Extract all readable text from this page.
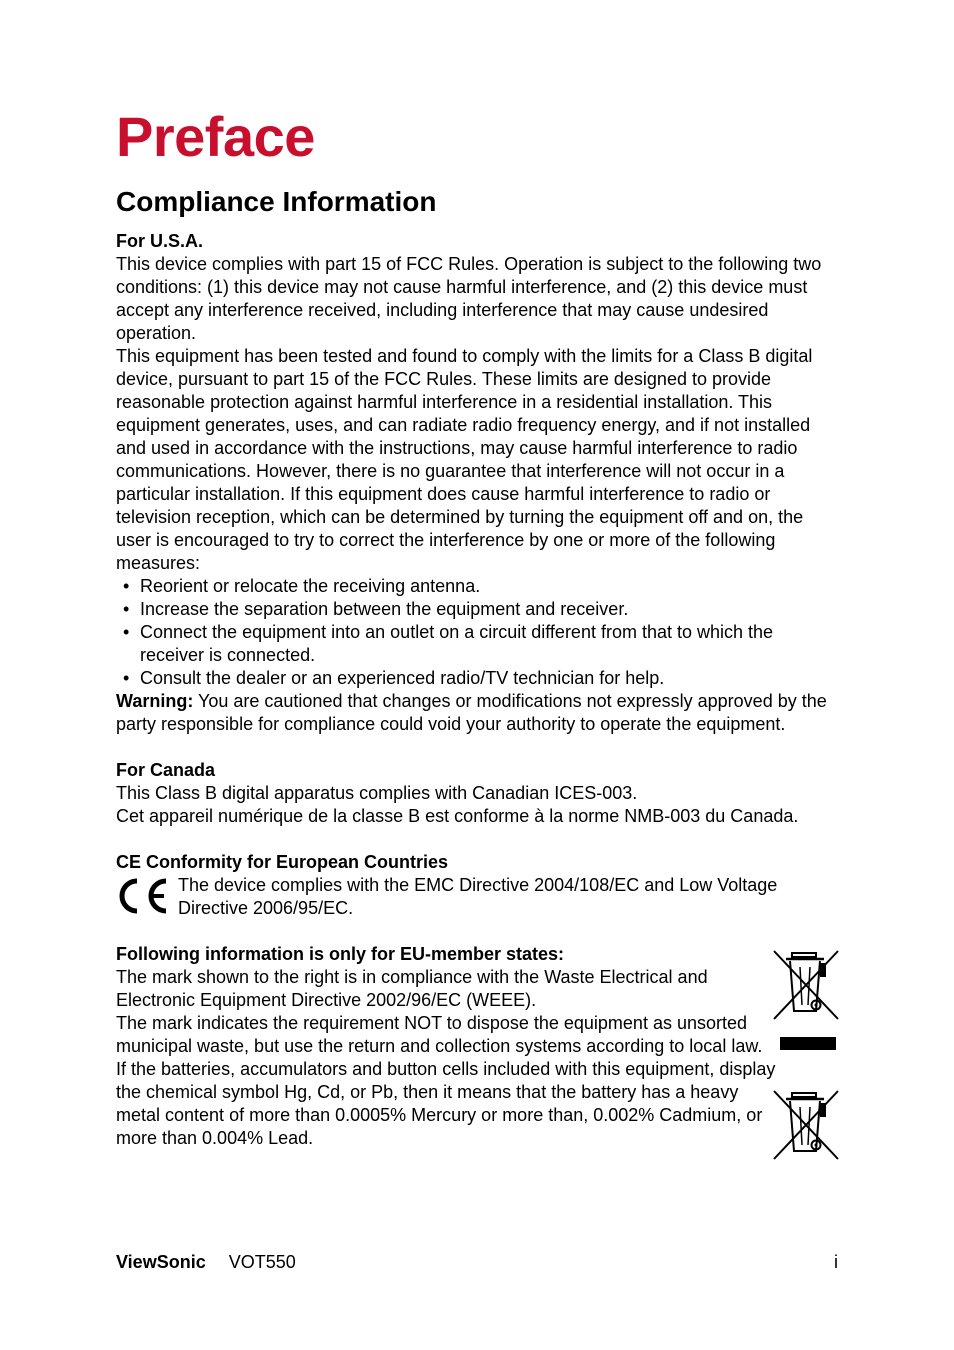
Preface
Compliance Information

For U.S.A.

This device complies with part 15 of FCC Rules. Operation is subject to the following two conditions: (1) this device may not cause harmful interference, and (2) this device must accept any interference received, including interference that may cause undesired operation.

This equipment has been tested and found to comply with the limits for a Class B digital device, pursuant to part 15 of the FCC Rules. These limits are designed to provide reasonable protection against harmful interference in a residential installation. This equipment generates, uses, and can radiate radio frequency energy, and if not installed and used in accordance with the instructions, may cause harmful interference to radio communications. However, there is no guarantee that interference will not occur in a particular installation. If this equipment does cause harmful interference to radio or television reception, which can be determined by turning the equipment off and on, the user is encouraged to try to correct the interference by one or more of the following measures:

• Reorient or relocate the receiving antenna.
• Increase the separation between the equipment and receiver.
• Connect the equipment into an outlet on a circuit different from that to which the receiver is connected.
• Consult the dealer or an experienced radio/TV technician for help.

Warning: You are cautioned that changes or modifications not expressly approved by the party responsible for compliance could void your authority to operate the equipment.

For Canada

This Class B digital apparatus complies with Canadian ICES-003.

Cet appareil numérique de la classe B est conforme à la norme NMB-003 du Canada.

CE Conformity for European Countries

The device complies with the EMC Directive 2004/108/EC and Low Voltage Directive 2006/95/EC.

Following information is only for EU-member states:

The mark shown to the right is in compliance with the Waste Electrical and Electronic Equipment Directive 2002/96/EC (WEEE).

The mark indicates the requirement NOT to dispose the equipment as unsorted municipal waste, but use the return and collection systems according to local law.

If the batteries, accumulators and button cells included with this equipment, display the chemical symbol Hg, Cd, or Pb, then it means that the battery has a heavy metal content of more than 0.0005% Mercury or more than, 0.002% Cadmium, or more than 0.004% Lead.

ViewSonic VOT550	i
